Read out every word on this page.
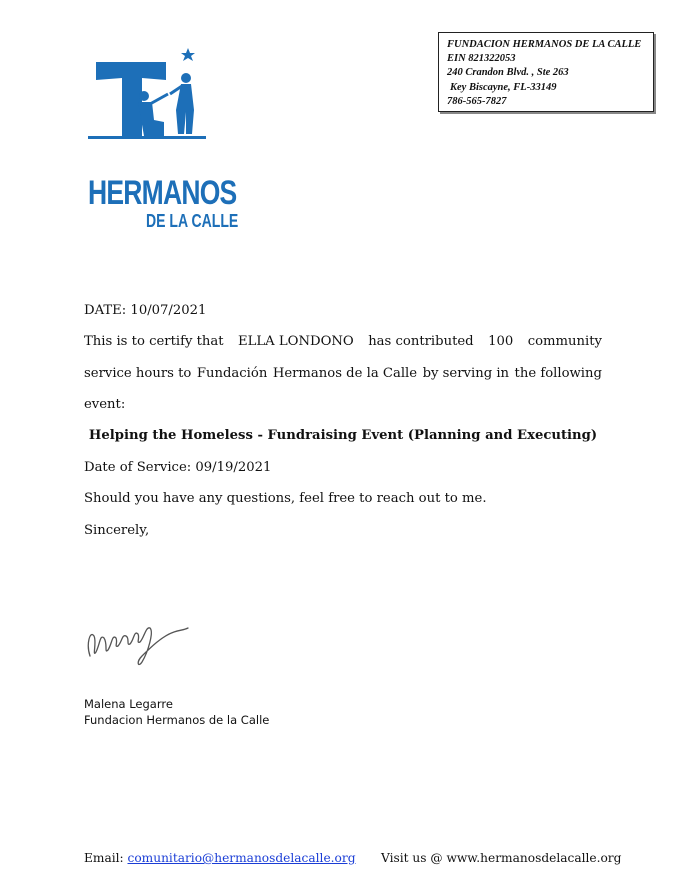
HERMANOS
DE LA CALLE
FUNDACION HERMANOS DE LA CALLE
EIN 821322053
240 Crandon Blvd. , Ste 263
Key Biscayne, FL-33149
786-565-7827
DATE: 10/07/2021
This is to certify that ELLA LONDONO has contributed 100 community
service hours to Fundación Hermanos de la Calle by serving in the following
event:
Helping the Homeless - Fundraising Event (Planning and Executing)
Date of Service: 09/19/2021
Should you have any questions, feel free to reach out to me.
Sincerely,
Malena Legarre
Fundacion Hermanos de la Calle
Email: comunitario@hermanosdelacalle.org Visit us @ www.hermanosdelacalle.org
